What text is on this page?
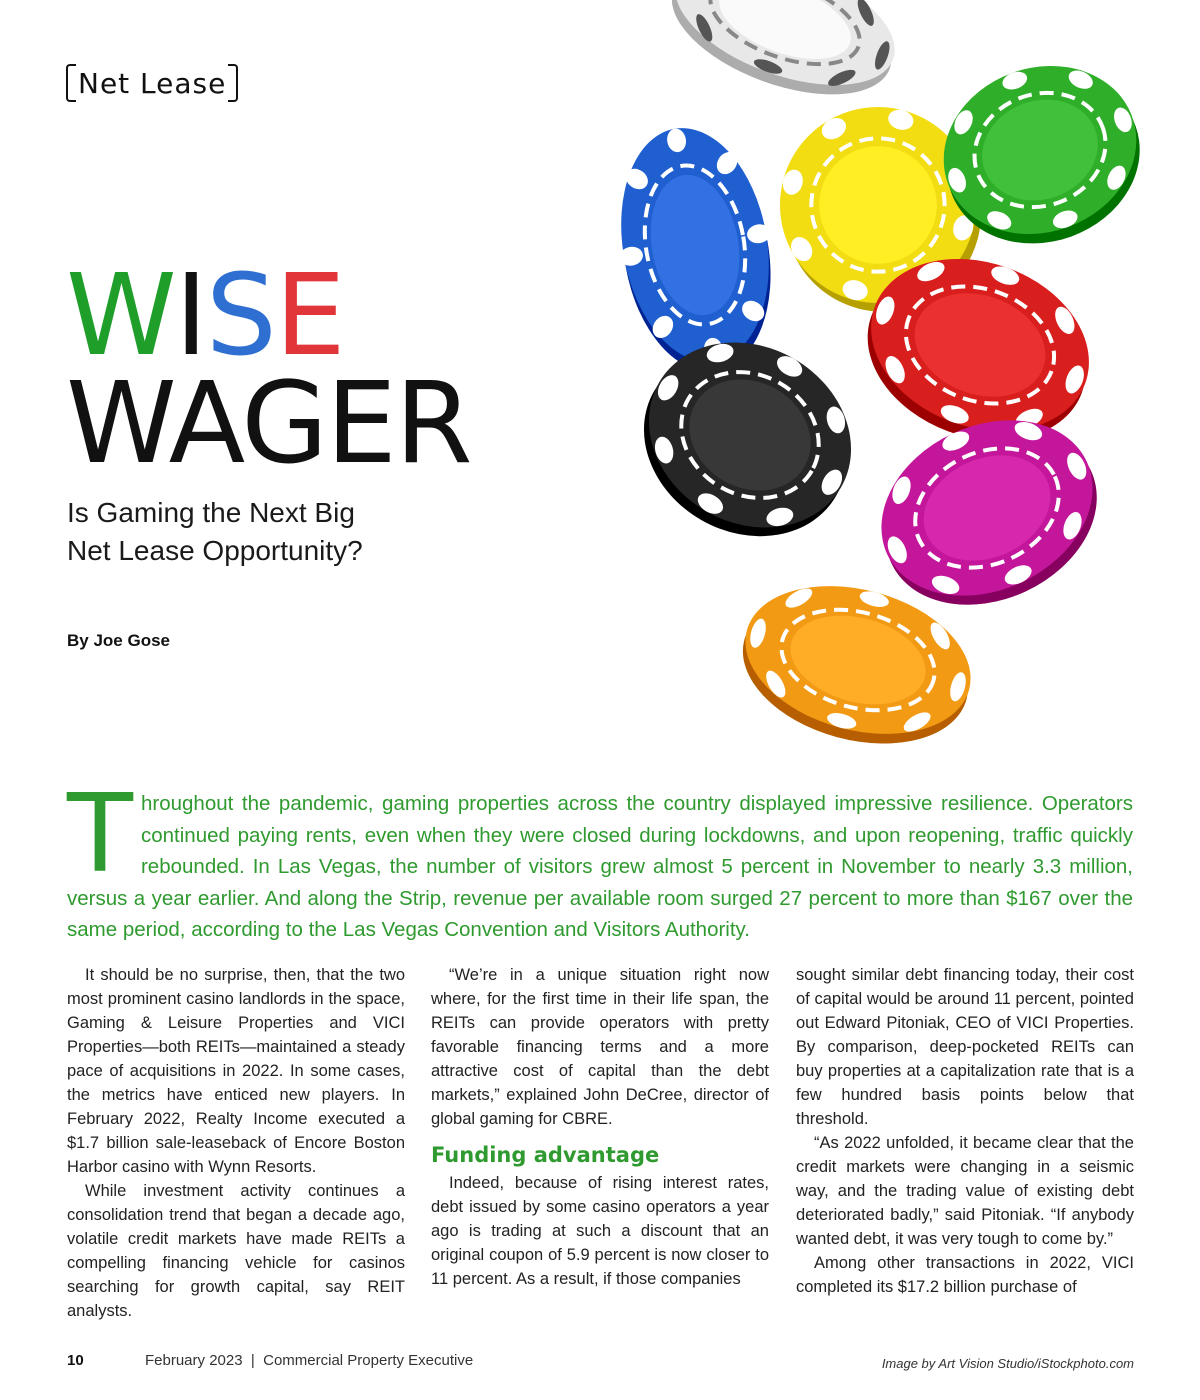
Net Lease
WISE
WAGER
Is Gaming the Next Big
Net Lease Opportunity?
By Joe Gose

Throughout the pandemic, gaming properties across the country displayed impressive resilience. Operators continued paying rents, even when they were closed during lockdowns, and upon reopening, traffic quickly rebounded. In Las Vegas, the number of visitors grew almost 5 percent in November to nearly 3.3 million, versus a year earlier. And along the Strip, revenue per available room surged 27 percent to more than $167 over the same period, according to the Las Vegas Convention and Visitors Authority.

It should be no surprise, then, that the two most prominent casino landlords in the space, Gaming & Leisure Properties and VICI Properties—both REITs—maintained a steady pace of acquisitions in 2022. In some cases, the metrics have enticed new players. In February 2022, Realty Income executed a $1.7 billion sale-leaseback of Encore Boston Harbor casino with Wynn Resorts.

While investment activity continues a consolidation trend that began a decade ago, volatile credit markets have made REITs a compelling financing vehicle for casinos searching for growth capital, say REIT analysts.

“We’re in a unique situation right now where, for the first time in their life span, the REITs can provide operators with pretty favorable financing terms and a more attractive cost of capital than the debt markets,” explained John DeCree, director of global gaming for CBRE.

Funding advantage

Indeed, because of rising interest rates, debt issued by some casino operators a year ago is trading at such a discount that an original coupon of 5.9 percent is now closer to 11 percent. As a result, if those companies

sought similar debt financing today, their cost of capital would be around 11 percent, pointed out Edward Pitoniak, CEO of VICI Properties. By comparison, deep-pocketed REITs can buy properties at a capitalization rate that is a few hundred basis points below that threshold.

“As 2022 unfolded, it became clear that the credit markets were changing in a seismic way, and the trading value of existing debt deteriorated badly,” said Pitoniak. “If anybody wanted debt, it was very tough to come by.”

Among other transactions in 2022, VICI completed its $17.2 billion purchase of

10	February 2023  |  Commercial Property Executive	Image by Art Vision Studio/iStockphoto.com
